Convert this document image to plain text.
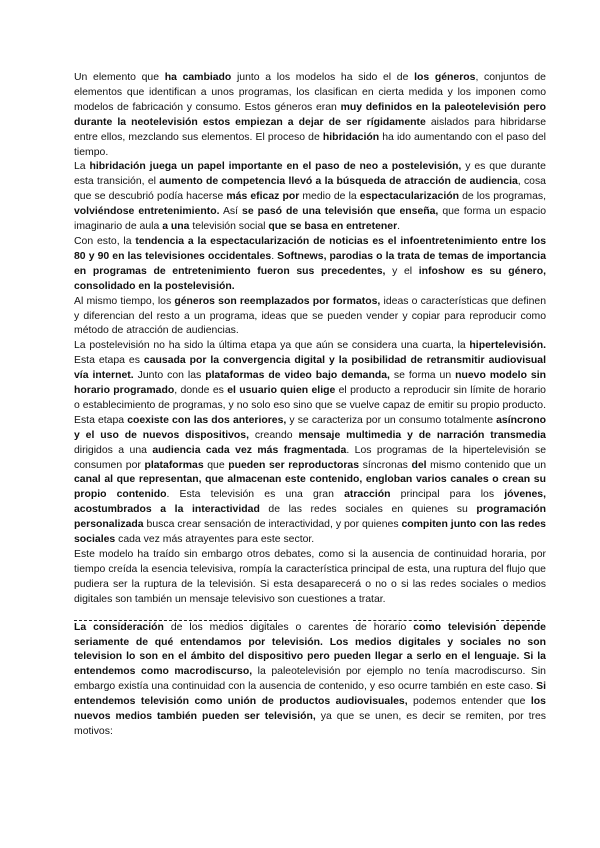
Un elemento que ha cambiado junto a los modelos ha sido el de los géneros, conjuntos de elementos que identifican a unos programas, los clasifican en cierta medida y los imponen como modelos de fabricación y consumo. Estos géneros eran muy definidos en la paleotelevisión pero durante la neotelevisión estos empiezan a dejar de ser rígidamente aislados para hibridarse entre ellos, mezclando sus elementos. El proceso de hibridación ha ido aumentando con el paso del tiempo.

La hibridación juega un papel importante en el paso de neo a postelevisión, y es que durante esta transición, el aumento de competencia llevó a la búsqueda de atracción de audiencia, cosa que se descubrió podía hacerse más eficaz por medio de la espectacularización de los programas, volviéndose entretenimiento. Así se pasó de una televisión que enseña, que forma un espacio imaginario de aula a una televisión social que se basa en entretener.

Con esto, la tendencia a la espectacularización de noticias es el infoentretenimiento entre los 80 y 90 en las televisiones occidentales. Softnews, parodias o la trata de temas de importancia en programas de entretenimiento fueron sus precedentes, y el infoshow es su género, consolidado en la postelevisión.

Al mismo tiempo, los géneros son reemplazados por formatos, ideas o características que definen y diferencian del resto a un programa, ideas que se pueden vender y copiar para reproducir como método de atracción de audiencias.

La postelevisión no ha sido la última etapa ya que aún se considera una cuarta, la hipertelevisión. Esta etapa es causada por la convergencia digital y la posibilidad de retransmitir audiovisual vía internet. Junto con las plataformas de video bajo demanda, se forma un nuevo modelo sin horario programado, donde es el usuario quien elige el producto a reproducir sin límite de horario o establecimiento de programas, y no solo eso sino que se vuelve capaz de emitir su propio producto. Esta etapa coexiste con las dos anteriores, y se caracteriza por un consumo totalmente asíncrono y el uso de nuevos dispositivos, creando mensaje multimedia y de narración transmedia dirigidos a una audiencia cada vez más fragmentada. Los programas de la hipertelevisión se consumen por plataformas que pueden ser reproductoras síncronas del mismo contenido que un canal al que representan, que almacenan este contenido, engloban varios canales o crean su propio contenido. Esta televisión es una gran atracción principal para los jóvenes, acostumbrados a la interactividad de las redes sociales en quienes su programación personalizada busca crear sensación de interactividad, y por quienes compiten junto con las redes sociales cada vez más atrayentes para este sector.

Este modelo ha traído sin embargo otros debates, como si la ausencia de continuidad horaria, por tiempo creída la esencia televisiva, rompía la característica principal de esta, una ruptura del flujo que pudiera ser la ruptura de la televisión. Si esta desaparecerá o no o si las redes sociales o medios digitales son también un mensaje televisivo son cuestiones a tratar.

La consideración de los medios digitales o carentes de horario como televisión depende seriamente de qué entendamos por televisión. Los medios digitales y sociales no son television lo son en el ámbito del dispositivo pero pueden llegar a serlo en el lenguaje. Si la entendemos como macrodiscurso, la paleotelevisión por ejemplo no tenía macrodiscurso. Sin embargo existía una continuidad con la ausencia de contenido, y eso ocurre también en este caso. Si entendemos televisión como unión de productos audiovisuales, podemos entender que los nuevos medios también pueden ser televisión, ya que se unen, es decir se remiten, por tres motivos:
